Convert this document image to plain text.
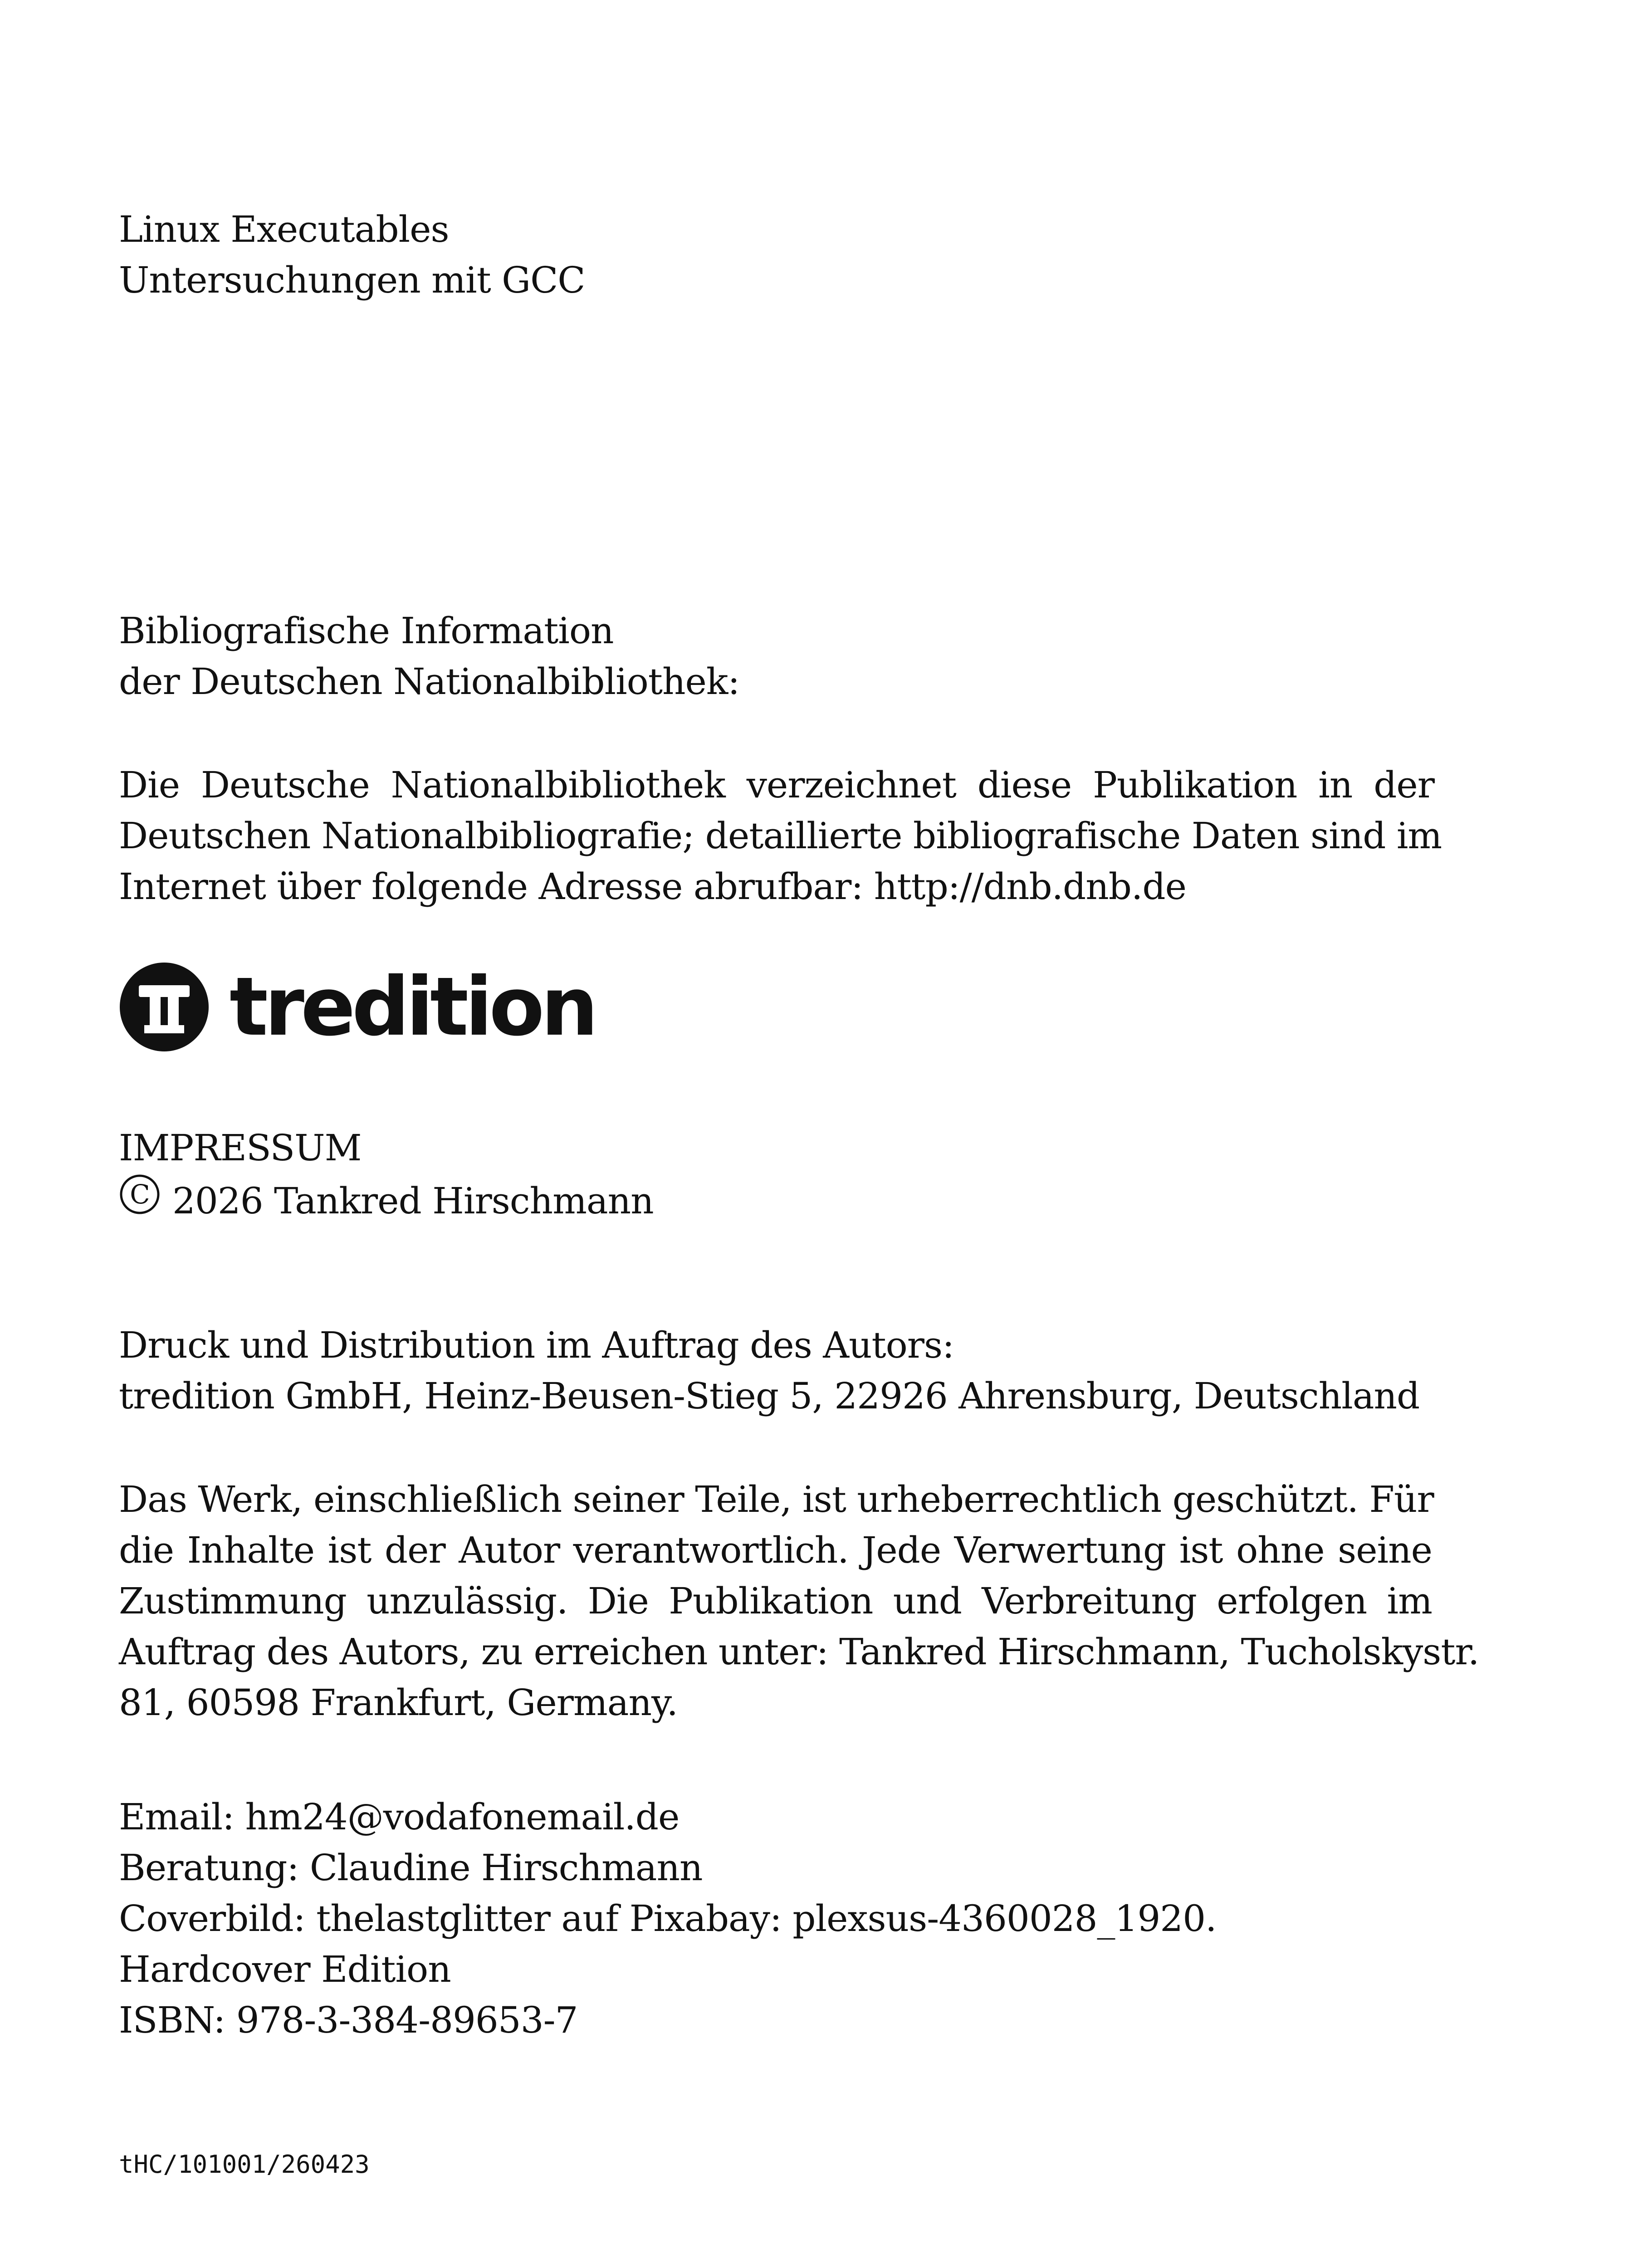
Linux Executables
Untersuchungen mit GCC
Bibliografische Information
der Deutschen Nationalbibliothek:
Die Deutsche Nationalbibliothek verzeichnet diese Publikation in der
Deutschen Nationalbibliografie; detaillierte bibliografische Daten sind im
Internet über folgende Adresse abrufbar: http://dnb.dnb.de
tredition
IMPRESSUM
C 2026 Tankred Hirschmann
Druck und Distribution im Auftrag des Autors:
tredition GmbH, Heinz-Beusen-Stieg 5, 22926 Ahrensburg, Deutschland
Das Werk, einschließlich seiner Teile, ist urheberrechtlich geschützt. Für
die Inhalte ist der Autor verantwortlich. Jede Verwertung ist ohne seine
Zustimmung unzulässig. Die Publikation und Verbreitung erfolgen im
Auftrag des Autors, zu erreichen unter: Tankred Hirschmann, Tucholskystr.
81, 60598 Frankfurt, Germany.
Email: hm24@vodafonemail.de
Beratung: Claudine Hirschmann
Coverbild: thelastglitter auf Pixabay: plexsus-4360028_1920.
Hardcover Edition
ISBN: 978-3-384-89653-7
tHC/101001/260423
